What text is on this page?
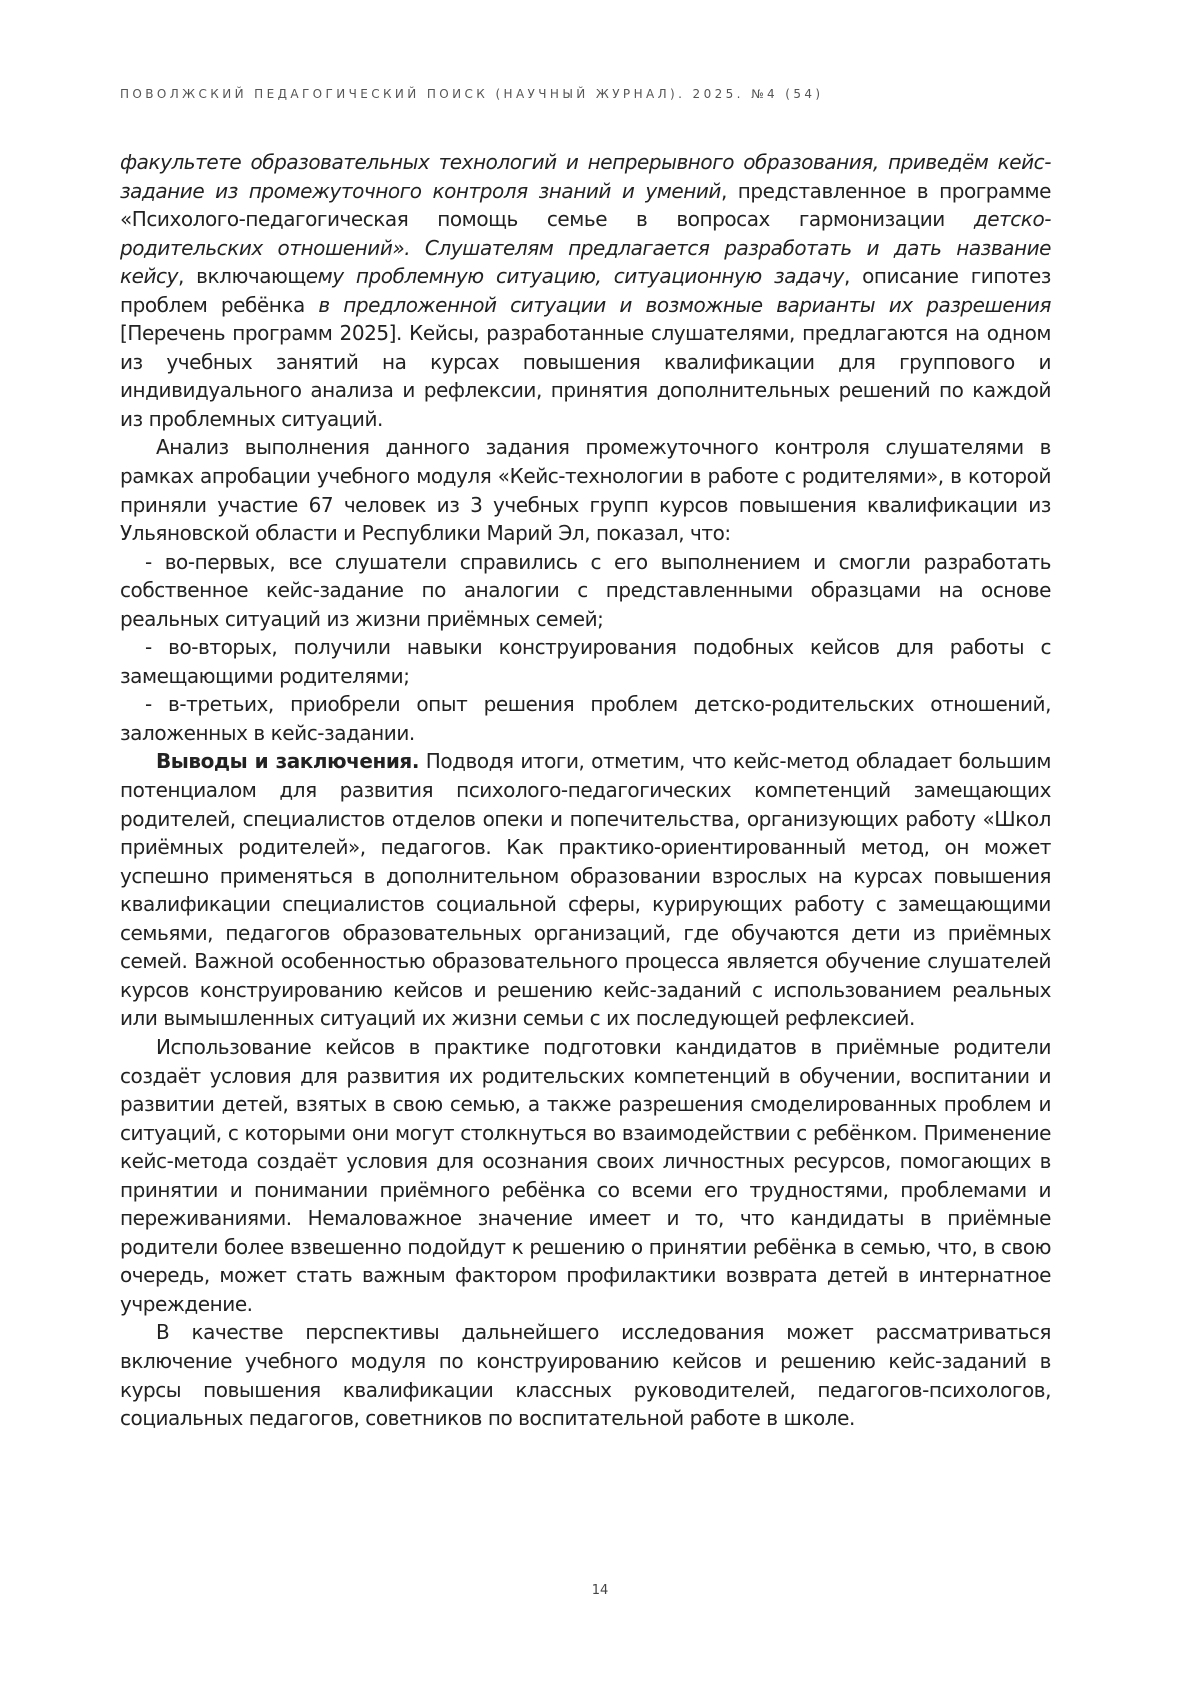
ПОВОЛЖСКИЙ ПЕДАГОГИЧЕСКИЙ ПОИСК (НАУЧНЫЙ ЖУРНАЛ). 2025. №4 (54)

факультете образовательных технологий и непрерывного образования, приведём кейс-задание из промежуточного контроля знаний и умений, представленное в программе «Психолого-педагогическая помощь семье в вопросах гармонизации детско-родительских отношений». Слушателям предлагается разработать и дать название кейсу, включающему проблемную ситуацию, ситуационную задачу, описание гипотез проблем ребёнка в предложенной ситуации и возможные варианты их разрешения [Перечень программ 2025]. Кейсы, разработанные слушателями, предлагаются на одном из учебных занятий на курсах повышения квалификации для группового и индивидуального анализа и рефлексии, принятия дополнительных решений по каждой из проблемных ситуаций.

Анализ выполнения данного задания промежуточного контроля слушателями в рамках апробации учебного модуля «Кейс-технологии в работе с родителями», в которой приняли участие 67 человек из 3 учебных групп курсов повышения квалификации из Ульяновской области и Республики Марий Эл, показал, что:

- во-первых, все слушатели справились с его выполнением и смогли разработать собственное кейс-задание по аналогии с представленными образцами на основе реальных ситуаций из жизни приёмных семей;

- во-вторых, получили навыки конструирования подобных кейсов для работы с замещающими родителями;

- в-третьих, приобрели опыт решения проблем детско-родительских отношений, заложенных в кейс-задании.

Выводы и заключения. Подводя итоги, отметим, что кейс-метод обладает большим потенциалом для развития психолого-педагогических компетенций замещающих родителей, специалистов отделов опеки и попечительства, организующих работу «Школ приёмных родителей», педагогов. Как практико-ориентированный метод, он может успешно применяться в дополнительном образовании взрослых на курсах повышения квалификации специалистов социальной сферы, курирующих работу с замещающими семьями, педагогов образовательных организаций, где обучаются дети из приёмных семей. Важной особенностью образовательного процесса является обучение слушателей курсов конструированию кейсов и решению кейс-заданий с использованием реальных или вымышленных ситуаций их жизни семьи с их последующей рефлексией.

Использование кейсов в практике подготовки кандидатов в приёмные родители создаёт условия для развития их родительских компетенций в обучении, воспитании и развитии детей, взятых в свою семью, а также разрешения смоделированных проблем и ситуаций, с которыми они могут столкнуться во взаимодействии с ребёнком. Применение кейс-метода создаёт условия для осознания своих личностных ресурсов, помогающих в принятии и понимании приёмного ребёнка со всеми его трудностями, проблемами и переживаниями. Немаловажное значение имеет и то, что кандидаты в приёмные родители более взвешенно подойдут к решению о принятии ребёнка в семью, что, в свою очередь, может стать важным фактором профилактики возврата детей в интернатное учреждение.

В качестве перспективы дальнейшего исследования может рассматриваться включение учебного модуля по конструированию кейсов и решению кейс-заданий в курсы повышения квалификации классных руководителей, педагогов-психологов, социальных педагогов, советников по воспитательной работе в школе.

14
